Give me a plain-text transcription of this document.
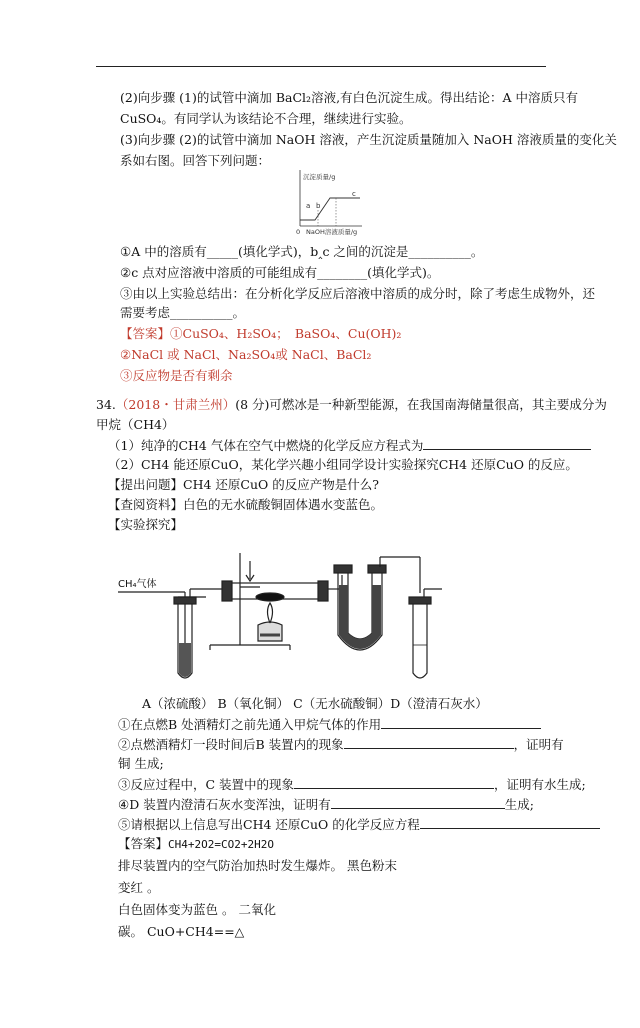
(2)向步骤 (1)的试管中滴加 BaCl₂溶液,有白色沉淀生成。得出结论：A 中溶质只有
CuSO₄。有同学认为该结论不合理，继续进行实验。
(3)向步骤 (2)的试管中滴加 NaOH 溶液，产生沉淀质量随加入 NaOH 溶液质量的变化关
系如右图。回答下列问题：
沉淀质量/g
0 NaOH溶液质量/g
a b
c
①A 中的溶质有_____(填化学式)，b‸c 之间的沉淀是__________。
②c 点对应溶液中溶质的可能组成有________(填化学式)。
③由以上实验总结出：在分析化学反应后溶液中溶质的成分时，除了考虑生成物外，还
需要考虑__________。
【答案】①CuSO₄、H₂SO₄；　BaSO₄、Cu(OH)₂
②NaCl 或 NaCl、Na₂SO₄或 NaCl、BaCl₂
③反应物是否有剩余
34.（2018・甘肃兰州）(8 分)可燃冰是一种新型能源，在我国南海储量很高，其主要成分为
甲烷（CH4）
（1）纯净的CH4 气体在空气中燃烧的化学反应方程式为
（2）CH4 能还原CuO，某化学兴趣小组同学设计实验探究CH4 还原CuO 的反应。
【提出问题】CH4 还原CuO 的反应产物是什么?
【查阅资料】白色的无水硫酸铜固体遇水变蓝色。
【实验探究】
CH₄气体
A（浓硫酸） B（氧化铜） C（无水硫酸铜）D（澄清石灰水）
①在点燃B 处酒精灯之前先通入甲烷气体的作用
②点燃酒精灯一段时间后B 装置内的现象	，证明有
铜 生成;
③反应过程中，C 装置中的现象	，证明有水生成;
④D 装置内澄清石灰水变浑浊，证明有	生成;
⑤请根据以上信息写出CH4 还原CuO 的化学反应方程
【答案】CH4+2O2=CO2+2H2O
排尽装置内的空气防治加热时发生爆炸。 黑色粉末
变红 。
白色固体变为蓝色 。 二氧化
碳。 CuO+CH4==△
